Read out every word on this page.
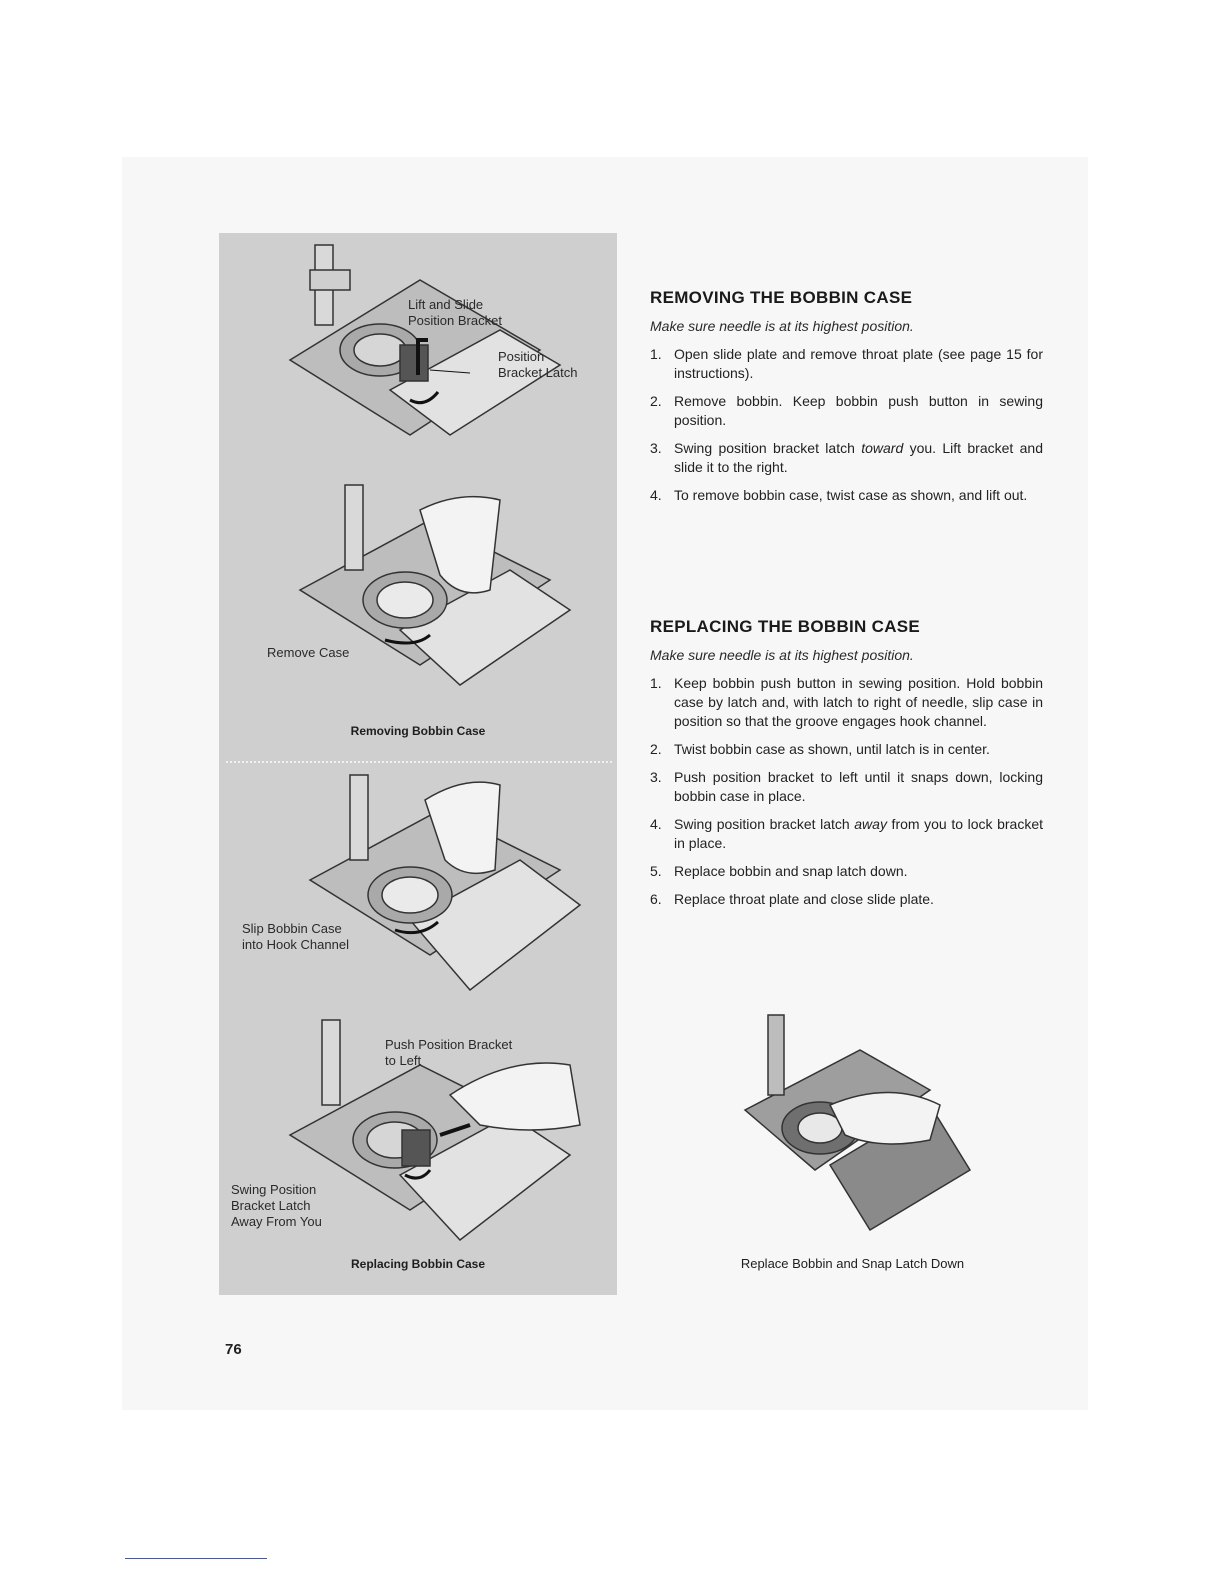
Lift and Slide
Position Bracket
Position
Bracket Latch
Remove Case
Removing Bobbin Case
Slip Bobbin Case
into Hook Channel
Push Position Bracket
to Left
Swing Position
Bracket Latch
Away From You
Replacing Bobbin Case
REMOVING THE BOBBIN CASE
Make sure needle is at its highest position.
1. Open slide plate and remove throat plate (see page 15 for instructions).
2. Remove bobbin. Keep bobbin push button in sewing position.
3. Swing position bracket latch toward you. Lift bracket and slide it to the right.
4. To remove bobbin case, twist case as shown, and lift out.
REPLACING THE BOBBIN CASE
Make sure needle is at its highest position.
1. Keep bobbin push button in sewing position. Hold bobbin case by latch and, with latch to right of needle, slip case in position so that the groove engages hook channel.
2. Twist bobbin case as shown, until latch is in center.
3. Push position bracket to left until it snaps down, locking bobbin case in place.
4. Swing position bracket latch away from you to lock bracket in place.
5. Replace bobbin and snap latch down.
6. Replace throat plate and close slide plate.
Replace Bobbin and Snap Latch Down
76
